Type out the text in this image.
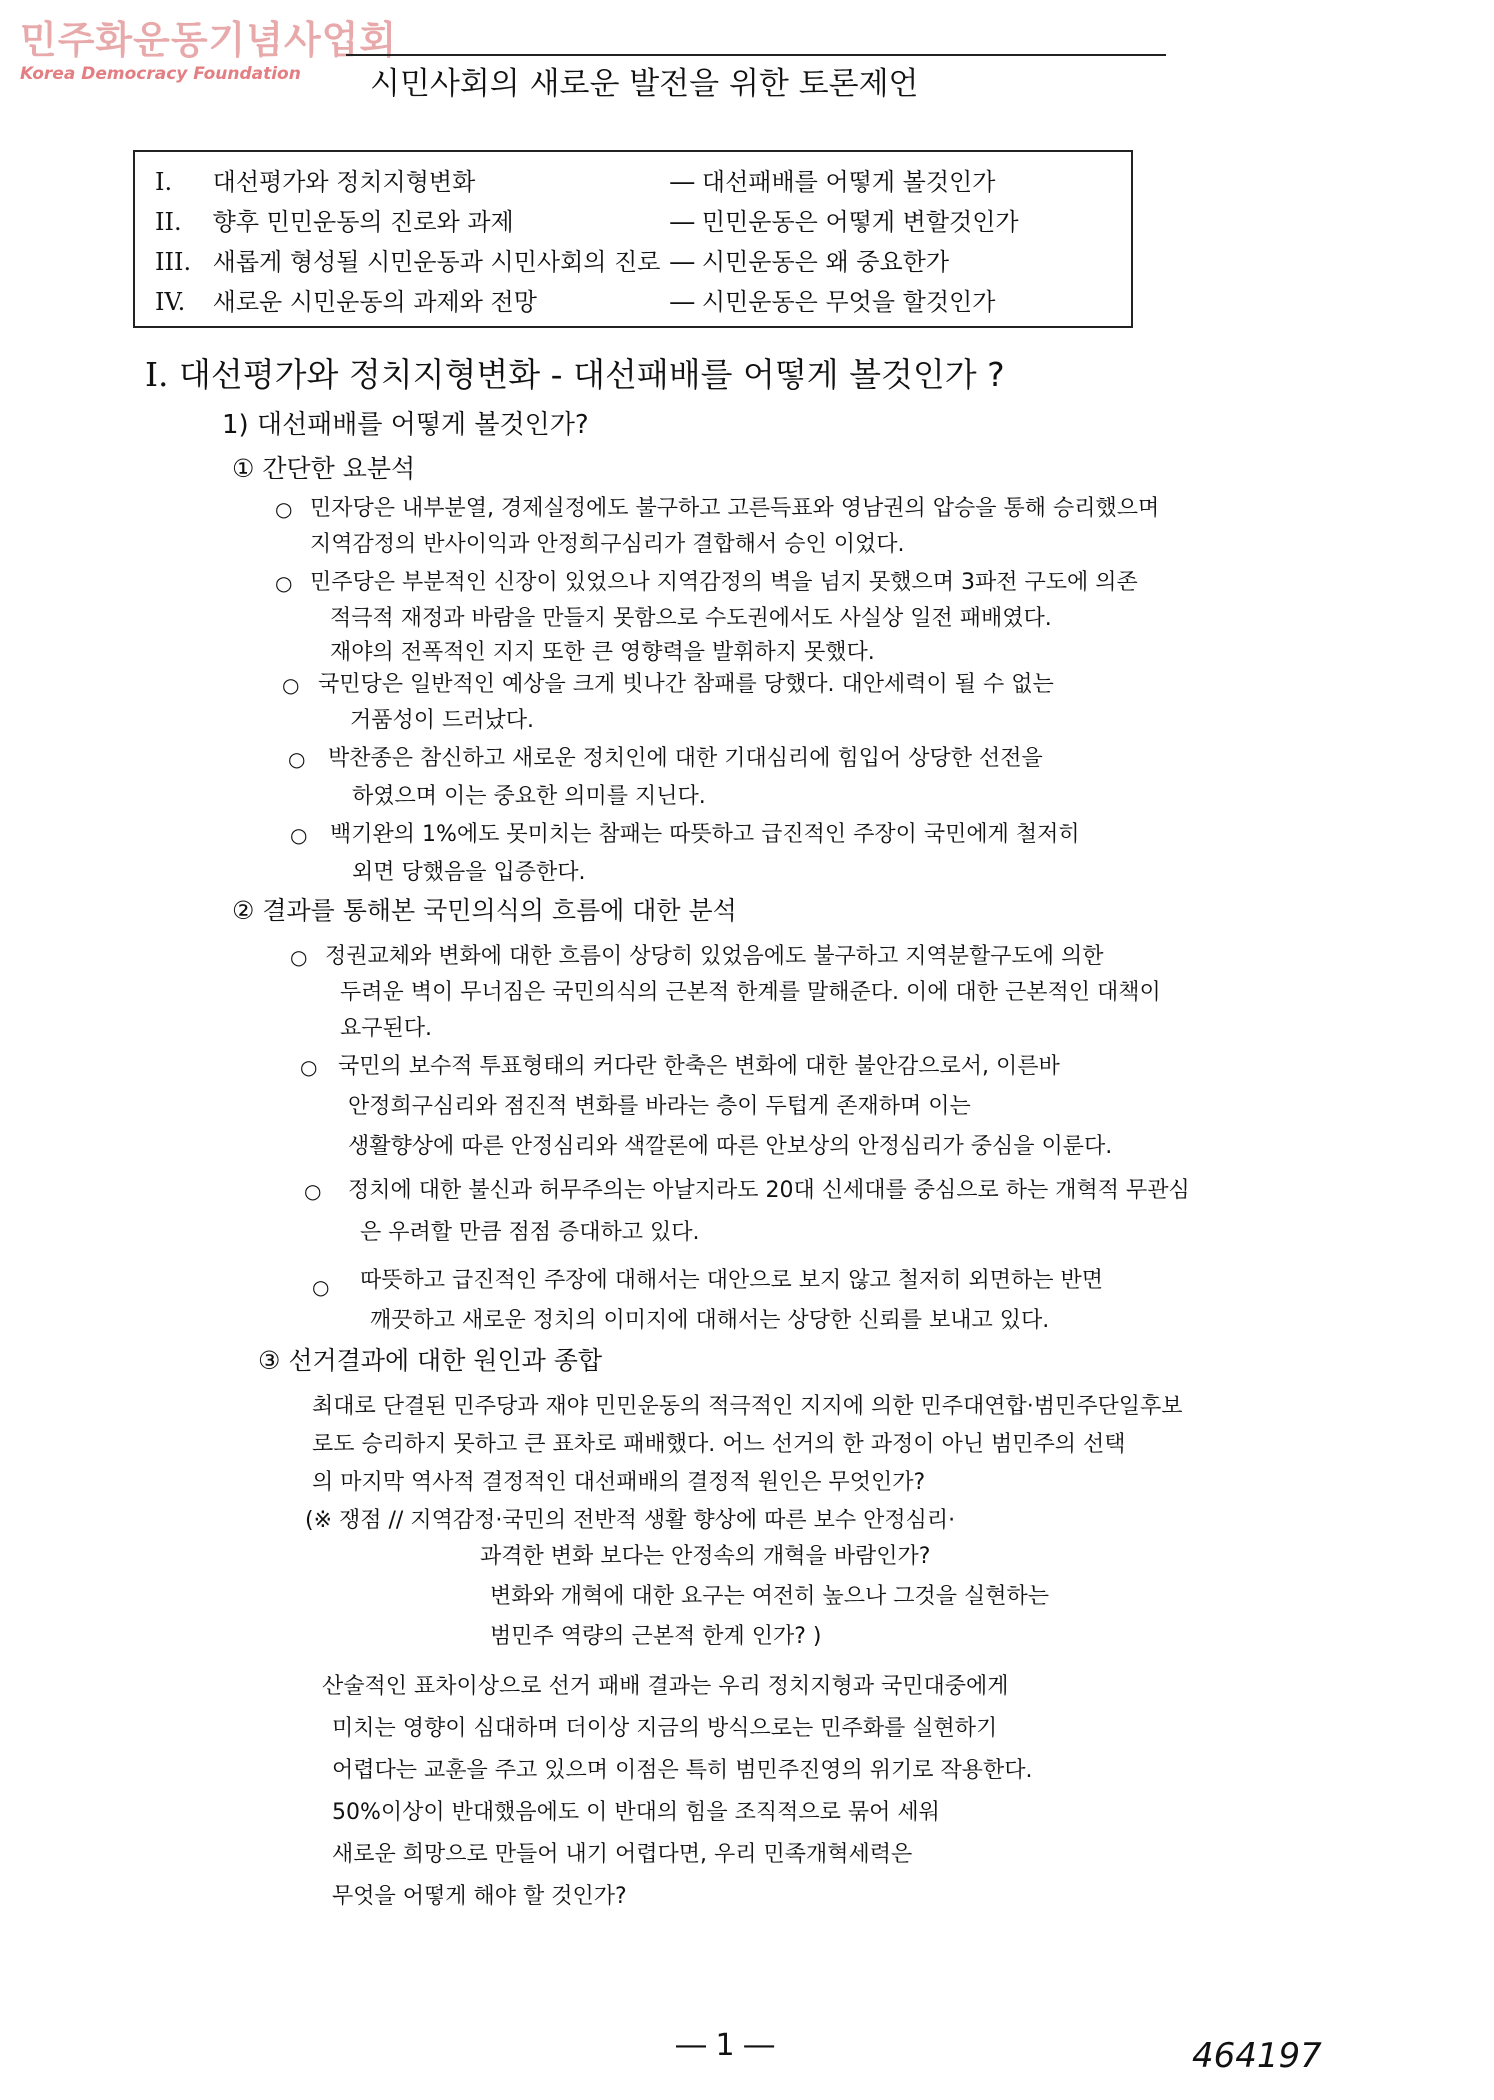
민주화운동기념사업회
Korea Democracy Foundation	시민사회의 새로운 발전을 위한 토론제언
I. 대선평가와 정치지형변화	― 대선패배를 어떻게 볼것인가
II. 향후 민민운동의 진로와 과제	― 민민운동은 어떻게 변할것인가
III. 새롭게 형성될 시민운동과 시민사회의 진로 ― 시민운동은 왜 중요한가
IV. 새로운 시민운동의 과제와 전망	― 시민운동은 무엇을 할것인가
I. 대선평가와 정치지형변화 - 대선패배를 어떻게 볼것인가 ?
1) 대선패배를 어떻게 볼것인가?
① 간단한 요분석
○ 민자당은 내부분열, 경제실정에도 불구하고 고른득표와 영남권의 압승을 통해 승리했으며
지역감정의 반사이익과 안정희구심리가 결합해서 승인 이었다.
○ 민주당은 부분적인 신장이 있었으나 지역감정의 벽을 넘지 못했으며 3파전 구도에 의존
적극적 재정과 바람을 만들지 못함으로 수도권에서도 사실상 일전 패배였다.
재야의 전폭적인 지지 또한 큰 영향력을 발휘하지 못했다.
○ 국민당은 일반적인 예상을 크게 빗나간 참패를 당했다. 대안세력이 될 수 없는
거품성이 드러났다.
○ 박찬종은 참신하고 새로운 정치인에 대한 기대심리에 힘입어 상당한 선전을
하였으며 이는 중요한 의미를 지닌다.
○ 백기완의 1%에도 못미치는 참패는 따뜻하고 급진적인 주장이 국민에게 철저히
외면 당했음을 입증한다.
② 결과를 통해본 국민의식의 흐름에 대한 분석
○ 정권교체와 변화에 대한 흐름이 상당히 있었음에도 불구하고 지역분할구도에 의한
두려운 벽이 무너짐은 국민의식의 근본적 한계를 말해준다. 이에 대한 근본적인 대책이
요구된다.
○ 국민의 보수적 투표형태의 커다란 한축은 변화에 대한 불안감으로서, 이른바
안정희구심리와 점진적 변화를 바라는 층이 두텁게 존재하며 이는
생활향상에 따른 안정심리와 색깔론에 따른 안보상의 안정심리가 중심을 이룬다.
○ 정치에 대한 불신과 허무주의는 아날지라도 20대 신세대를 중심으로 하는 개혁적 무관심
은 우려할 만큼 점점 증대하고 있다.
○ 따뜻하고 급진적인 주장에 대해서는 대안으로 보지 않고 철저히 외면하는 반면
깨끗하고 새로운 정치의 이미지에 대해서는 상당한 신뢰를 보내고 있다.
③ 선거결과에 대한 원인과 종합
최대로 단결된 민주당과 재야 민민운동의 적극적인 지지에 의한 민주대연합·범민주단일후보
로도 승리하지 못하고 큰 표차로 패배했다. 어느 선거의 한 과정이 아닌 범민주의 선택
의 마지막 역사적 결정적인 대선패배의 결정적 원인은 무엇인가?
(※ 쟁점 // 지역감정·국민의 전반적 생활 향상에 따른 보수 안정심리·
과격한 변화 보다는 안정속의 개혁을 바람인가?
변화와 개혁에 대한 요구는 여전히 높으나 그것을 실현하는
범민주 역량의 근본적 한계 인가? )
산술적인 표차이상으로 선거 패배 결과는 우리 정치지형과 국민대중에게
미치는 영향이 심대하며 더이상 지금의 방식으로는 민주화를 실현하기
어렵다는 교훈을 주고 있으며 이점은 특히 범민주진영의 위기로 작용한다.
50%이상이 반대했음에도 이 반대의 힘을 조직적으로 묶어 세워
새로운 희망으로 만들어 내기 어렵다면, 우리 민족개혁세력은
무엇을 어떻게 해야 할 것인가?
― 1 ―	464197
